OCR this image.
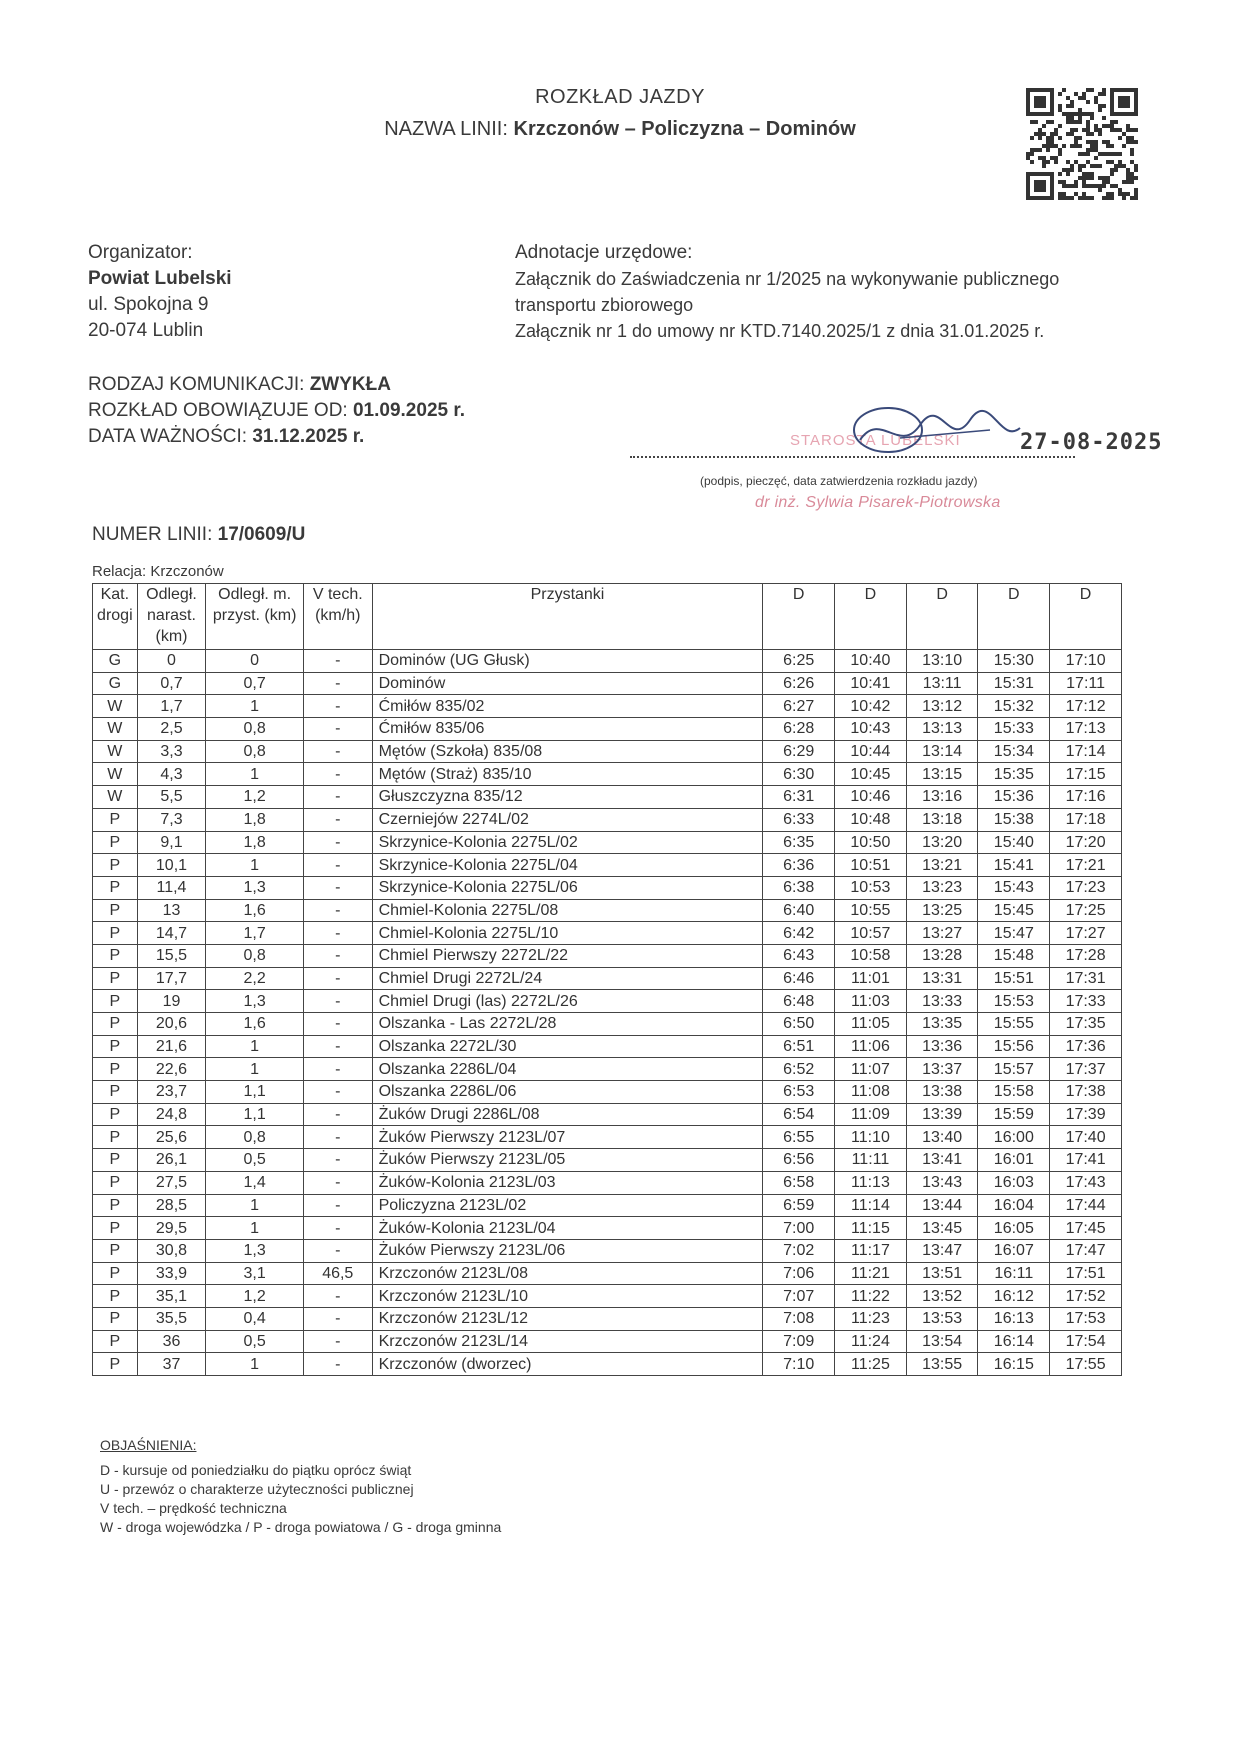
ROZKŁAD JAZDY
NAZWA LINII: Krzczonów – Policzyzna – Dominów
Organizator:
Powiat Lubelski
ul. Spokojna 9
20-074 Lublin
Adnotacje urzędowe:
Załącznik do Zaświadczenia nr 1/2025 na wykonywanie publicznego
transportu zbiorowego
Załącznik nr 1 do umowy nr KTD.7140.2025/1 z dnia 31.01.2025 r.
RODZAJ KOMUNIKACJI: ZWYKŁA
ROZKŁAD OBOWIĄZUJE OD: 01.09.2025 r.
DATA WAŻNOŚCI: 31.12.2025 r.	STAROSTA LUBELSKI	27-08-2025
(podpis, pieczęć, data zatwierdzenia rozkładu jazdy)
dr inż. Sylwia Pisarek-Piotrowska
NUMER LINII: 17/0609/U
Relacja: Krzczonów
Kat. drogi	Odległ. narast. (km)	Odległ. m. przyst. (km)	V tech. (km/h)	Przystanki	D	D	D	D	D
G	0	0	-	Dominów (UG Głusk)	6:25	10:40	13:10	15:30	17:10
G	0,7	0,7	-	Dominów	6:26	10:41	13:11	15:31	17:11
W	1,7	1	-	Ćmiłów 835/02	6:27	10:42	13:12	15:32	17:12
W	2,5	0,8	-	Ćmiłów 835/06	6:28	10:43	13:13	15:33	17:13
W	3,3	0,8	-	Mętów (Szkoła) 835/08	6:29	10:44	13:14	15:34	17:14
W	4,3	1	-	Mętów (Straż) 835/10	6:30	10:45	13:15	15:35	17:15
W	5,5	1,2	-	Głuszczyzna 835/12	6:31	10:46	13:16	15:36	17:16
P	7,3	1,8	-	Czerniejów 2274L/02	6:33	10:48	13:18	15:38	17:18
P	9,1	1,8	-	Skrzynice-Kolonia 2275L/02	6:35	10:50	13:20	15:40	17:20
P	10,1	1	-	Skrzynice-Kolonia 2275L/04	6:36	10:51	13:21	15:41	17:21
P	11,4	1,3	-	Skrzynice-Kolonia 2275L/06	6:38	10:53	13:23	15:43	17:23
P	13	1,6	-	Chmiel-Kolonia 2275L/08	6:40	10:55	13:25	15:45	17:25
P	14,7	1,7	-	Chmiel-Kolonia 2275L/10	6:42	10:57	13:27	15:47	17:27
P	15,5	0,8	-	Chmiel Pierwszy 2272L/22	6:43	10:58	13:28	15:48	17:28
P	17,7	2,2	-	Chmiel Drugi 2272L/24	6:46	11:01	13:31	15:51	17:31
P	19	1,3	-	Chmiel Drugi (las) 2272L/26	6:48	11:03	13:33	15:53	17:33
P	20,6	1,6	-	Olszanka - Las 2272L/28	6:50	11:05	13:35	15:55	17:35
P	21,6	1	-	Olszanka 2272L/30	6:51	11:06	13:36	15:56	17:36
P	22,6	1	-	Olszanka 2286L/04	6:52	11:07	13:37	15:57	17:37
P	23,7	1,1	-	Olszanka 2286L/06	6:53	11:08	13:38	15:58	17:38
P	24,8	1,1	-	Żuków Drugi 2286L/08	6:54	11:09	13:39	15:59	17:39
P	25,6	0,8	-	Żuków Pierwszy 2123L/07	6:55	11:10	13:40	16:00	17:40
P	26,1	0,5	-	Żuków Pierwszy 2123L/05	6:56	11:11	13:41	16:01	17:41
P	27,5	1,4	-	Żuków-Kolonia 2123L/03	6:58	11:13	13:43	16:03	17:43
P	28,5	1	-	Policzyzna 2123L/02	6:59	11:14	13:44	16:04	17:44
P	29,5	1	-	Żuków-Kolonia 2123L/04	7:00	11:15	13:45	16:05	17:45
P	30,8	1,3	-	Żuków Pierwszy 2123L/06	7:02	11:17	13:47	16:07	17:47
P	33,9	3,1	46,5	Krzczonów 2123L/08	7:06	11:21	13:51	16:11	17:51
P	35,1	1,2	-	Krzczonów 2123L/10	7:07	11:22	13:52	16:12	17:52
P	35,5	0,4	-	Krzczonów 2123L/12	7:08	11:23	13:53	16:13	17:53
P	36	0,5	-	Krzczonów 2123L/14	7:09	11:24	13:54	16:14	17:54
P	37	1	-	Krzczonów (dworzec)	7:10	11:25	13:55	16:15	17:55
OBJAŚNIENIA:
D - kursuje od poniedziałku do piątku oprócz świąt
U - przewóz o charakterze użyteczności publicznej
V tech. – prędkość techniczna
W - droga wojewódzka / P - droga powiatowa / G - droga gminna
